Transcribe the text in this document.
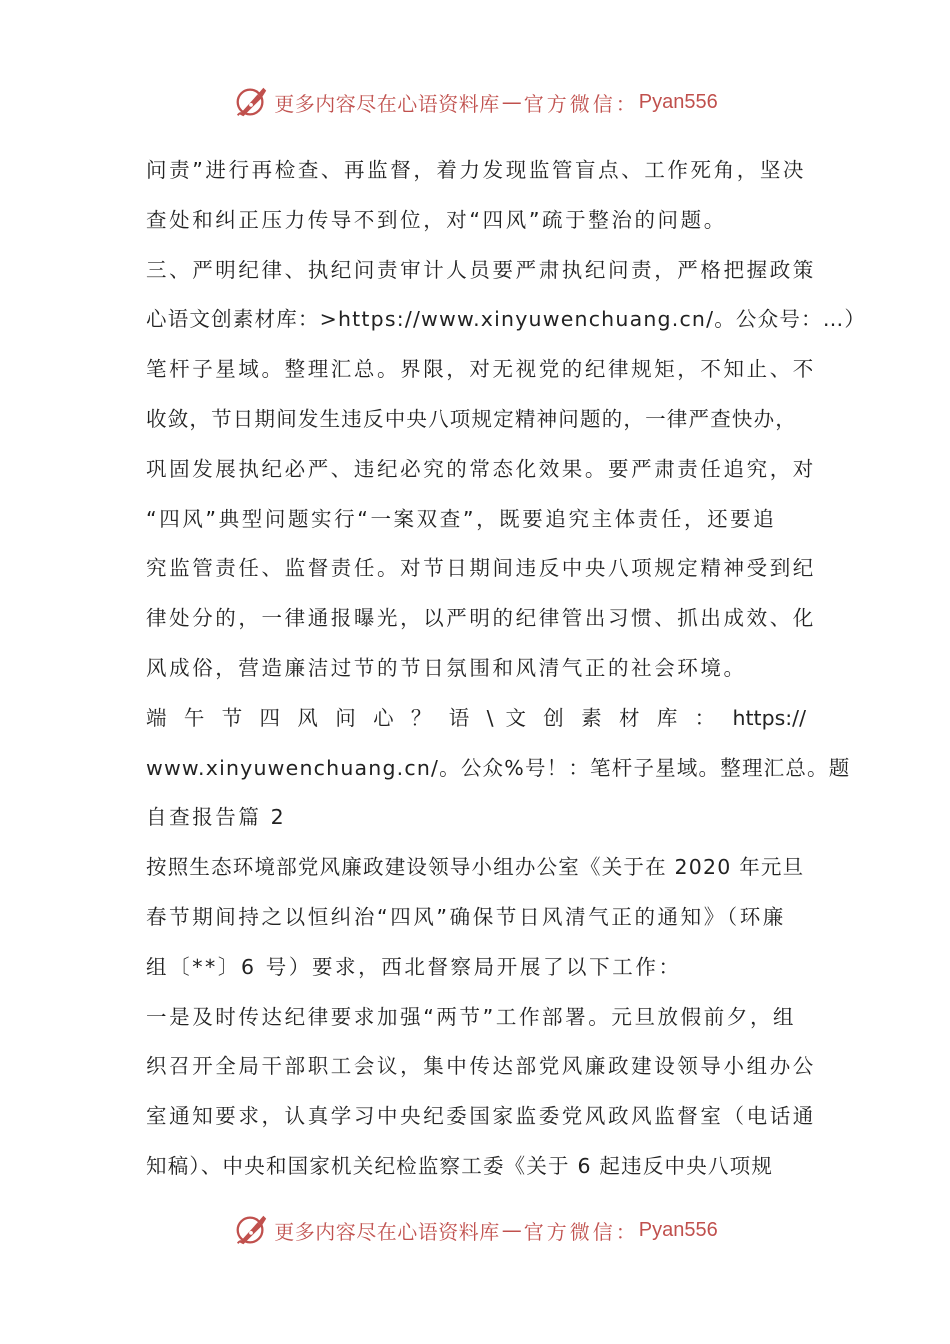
更多内容尽在心语资料库 — 官方微信： Pyan556
问责”进行再检查、再监督，着力发现监管盲点、工作死角，坚决
查处和纠正压力传导不到位，对“四风”疏于整治的问题。
三、严明纪律、执纪问责审计人员要严肃执纪问责，严格把握政策
心语文创素材库：>https://www.xinyuwenchuang.cn/。公众号：…）
笔杆子星域。整理汇总。界限，对无视党的纪律规矩，不知止、不
收敛，节日期间发生违反中央八项规定精神问题的，一律严查快办，
巩固发展执纪必严、违纪必究的常态化效果。要严肃责任追究，对
“四风”典型问题实行“一案双查”，既要追究主体责任，还要追
究监管责任、监督责任。对节日期间违反中央八项规定精神受到纪
律处分的，一律通报曝光，以严明的纪律管出习惯、抓出成效、化
风成俗，营造廉洁过节的节日氛围和风清气正的社会环境。
端 午 节 四 风 问 心 ？ 语 \ 文 创 素 材 库 ： https://
www.xinyuwenchuang.cn/。公众%号！：笔杆子星域。整理汇总。题
自查报告篇 2
按照生态环境部党风廉政建设领导小组办公室《关于在 2020 年元旦
春节期间持之以恒纠治“四风”确保节日风清气正的通知》（环廉
组〔**〕6 号）要求，西北督察局开展了以下工作：
一是及时传达纪律要求加强“两节”工作部署。元旦放假前夕，组
织召开全局干部职工会议，集中传达部党风廉政建设领导小组办公
室通知要求，认真学习中央纪委国家监委党风政风监督室（电话通
知稿）、中央和国家机关纪检监察工委《关于 6 起违反中央八项规
更多内容尽在心语资料库 — 官方微信： Pyan556
